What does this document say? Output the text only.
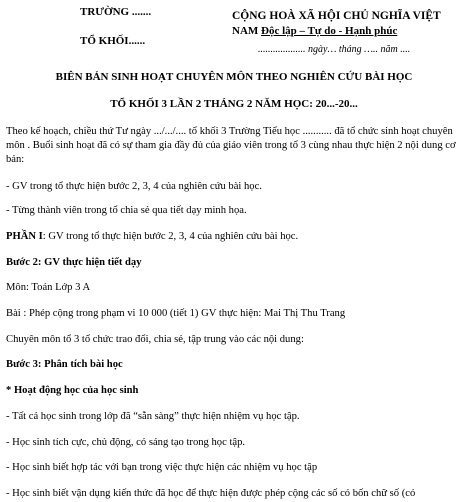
TRƯỜNG .......
TỔ KHỐI......
CỘNG HOÀ XÃ HỘI CHỦ NGHĨA VIỆT
NAM Độc lập – Tự do - Hạnh phúc
................... ngày… tháng ….. năm ....
BIÊN BẢN SINH HOẠT CHUYÊN MÔN THEO NGHIÊN CỨU BÀI HỌC
TỔ KHỐI 3 LẦN 2 THÁNG 2 NĂM HỌC: 20...-20...
Theo kế hoạch, chiều thứ Tư ngày .../.../.... tổ khối 3 Trường Tiểu học ........... đã tổ chức sinh hoạt chuyên môn . Buổi sinh hoạt đã có sự tham gia đầy đủ của giáo viên trong tổ 3 cùng nhau thực hiện 2 nội dung cơ bản:
- GV trong tổ thực hiện bước 2, 3, 4 của nghiên cứu bài học.
- Từng thành viên trong tổ chia sẻ qua tiết dạy minh họa.
PHẦN I: GV trong tổ thực hiện bước 2, 3, 4 của nghiên cứu bài học.
Bước 2: GV thực hiện tiết dạy
Môn: Toán Lớp 3 A
Bài : Phép cộng trong phạm vi 10 000 (tiết 1) GV thực hiện: Mai Thị Thu Trang
Chuyên môn tổ 3 tổ chức trao đổi, chia sẻ, tập trung vào các nội dung:
Bước 3: Phân tích bài học
* Hoạt động học của học sinh
- Tất cả học sinh trong lớp đã “sẵn sàng” thực hiện nhiệm vụ học tập.
- Học sinh tích cực, chủ động, có sáng tạo trong học tập.
- Học sinh biết hợp tác với bạn trong việc thực hiện các nhiệm vụ học tập
- Học sinh biết vận dụng kiến thức đã học để thực hiện được phép cộng các số có bốn chữ số (có
